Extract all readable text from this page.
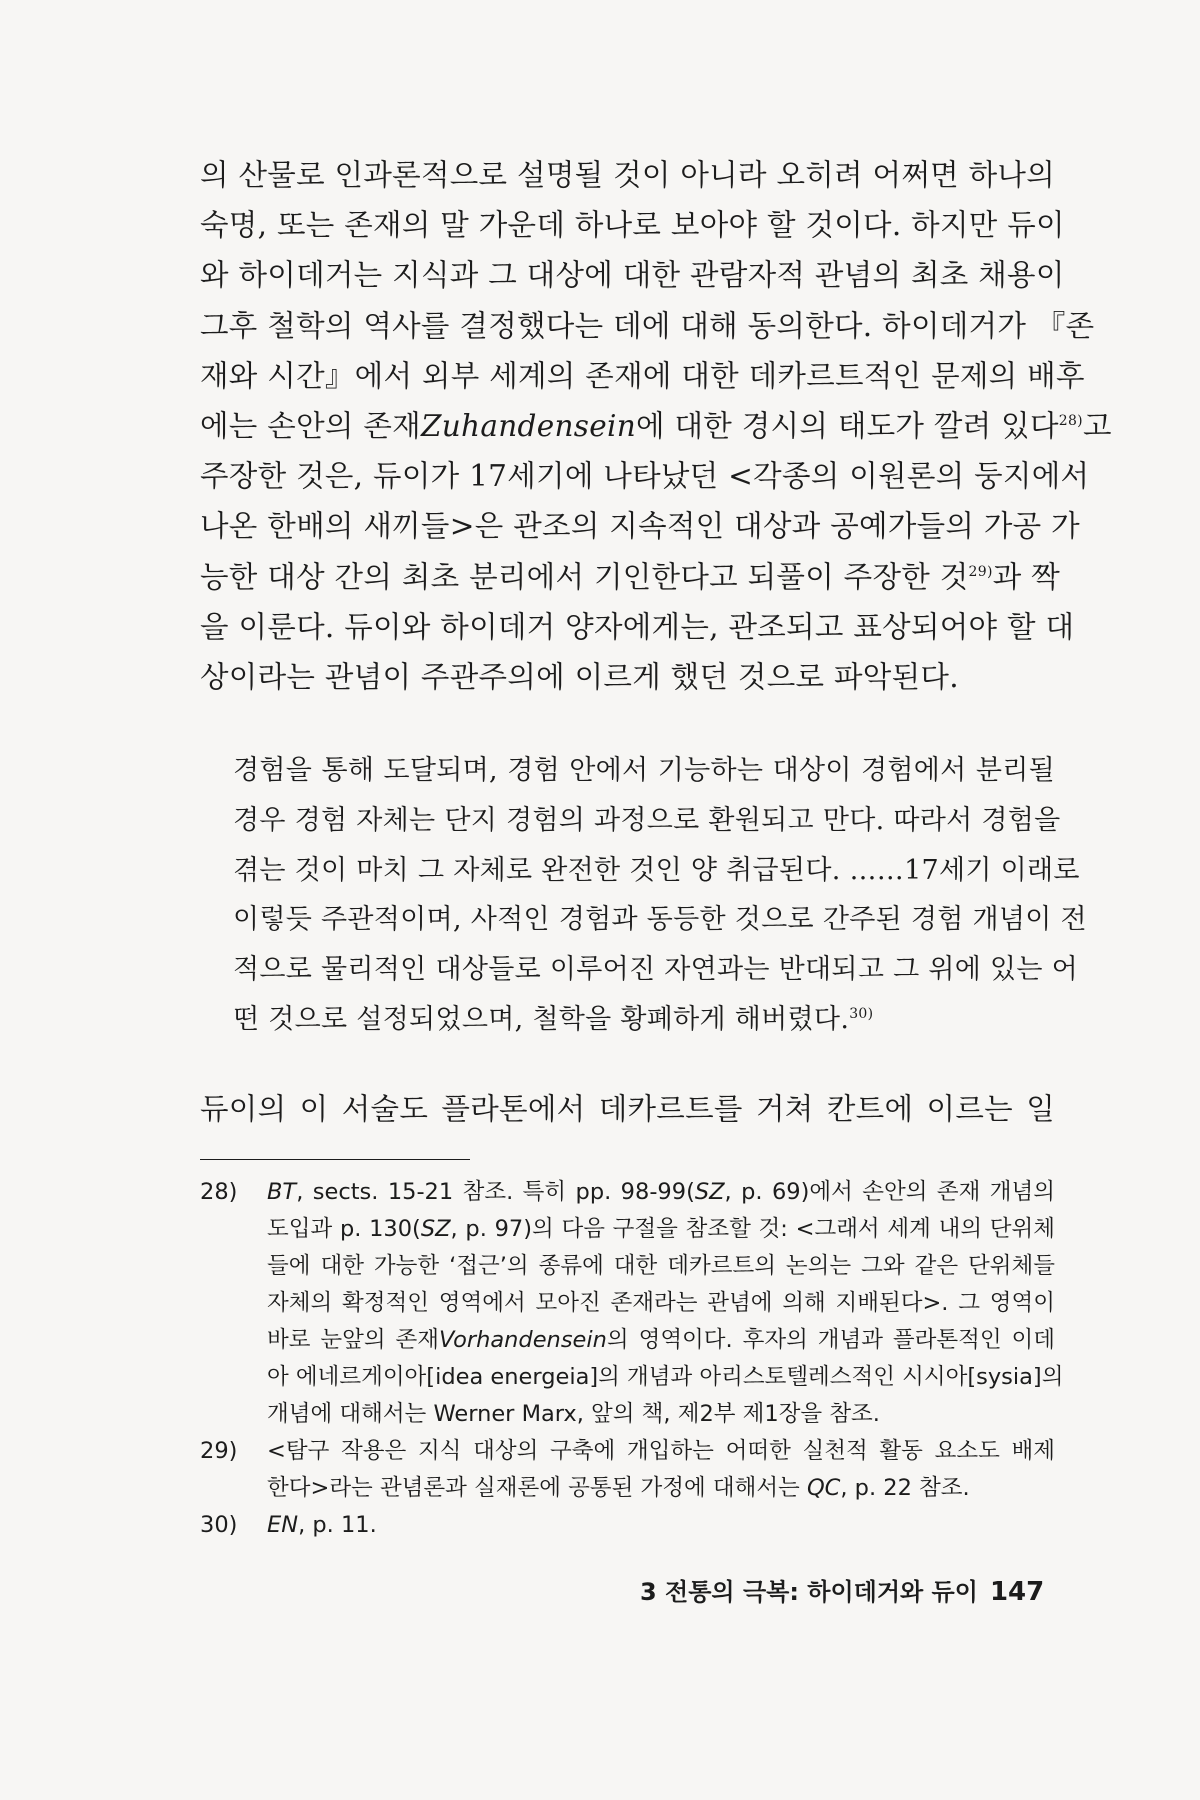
의 산물로 인과론적으로 설명될 것이 아니라 오히려 어쩌면 하나의
숙명, 또는 존재의 말 가운데 하나로 보아야 할 것이다. 하지만 듀이
와 하이데거는 지식과 그 대상에 대한 관람자적 관념의 최초 채용이
그후 철학의 역사를 결정했다는 데에 대해 동의한다. 하이데거가 『존
재와 시간』에서 외부 세계의 존재에 대한 데카르트적인 문제의 배후
에는 손안의 존재Zuhandensein에 대한 경시의 태도가 깔려 있다$^{28)}$고
주장한 것은, 듀이가 17세기에 나타났던 <각종의 이원론의 둥지에서
나온 한배의 새끼들>은 관조의 지속적인 대상과 공예가들의 가공 가
능한 대상 간의 최초 분리에서 기인한다고 되풀이 주장한 것$^{29)}$과 짝
을 이룬다. 듀이와 하이데거 양자에게는, 관조되고 표상되어야 할 대
상이라는 관념이 주관주의에 이르게 했던 것으로 파악된다.
경험을 통해 도달되며, 경험 안에서 기능하는 대상이 경험에서 분리될
경우 경험 자체는 단지 경험의 과정으로 환원되고 만다. 따라서 경험을
겪는 것이 마치 그 자체로 완전한 것인 양 취급된다. ……17세기 이래로
이렇듯 주관적이며, 사적인 경험과 동등한 것으로 간주된 경험 개념이 전
적으로 물리적인 대상들로 이루어진 자연과는 반대되고 그 위에 있는 어
떤 것으로 설정되었으며, 철학을 황폐하게 해버렸다.$^{30)}$
듀이의 이 서술도 플라톤에서 데카르트를 거쳐 칸트에 이르는 일
28) BT, sects. 15-21 참조. 특히 pp. 98-99(SZ, p. 69)에서 손안의 존재 개념의
도입과 p. 130(SZ, p. 97)의 다음 구절을 참조할 것: <그래서 세계 내의 단위체
들에 대한 가능한 ‘접근’의 종류에 대한 데카르트의 논의는 그와 같은 단위체들
자체의 확정적인 영역에서 모아진 존재라는 관념에 의해 지배된다>. 그 영역이
바로 눈앞의 존재Vorhandensein의 영역이다. 후자의 개념과 플라톤적인 이데
아 에네르게이아[idea energeia]의 개념과 아리스토텔레스적인 시시아[sysia]의
개념에 대해서는 Werner Marx, 앞의 책, 제2부 제1장을 참조.
29) <탐구 작용은 지식 대상의 구축에 개입하는 어떠한 실천적 활동 요소도 배제
한다>라는 관념론과 실재론에 공통된 가정에 대해서는 QC, p. 22 참조.
30) EN, p. 11.
3 전통의 극복: 하이데거와 듀이 147
